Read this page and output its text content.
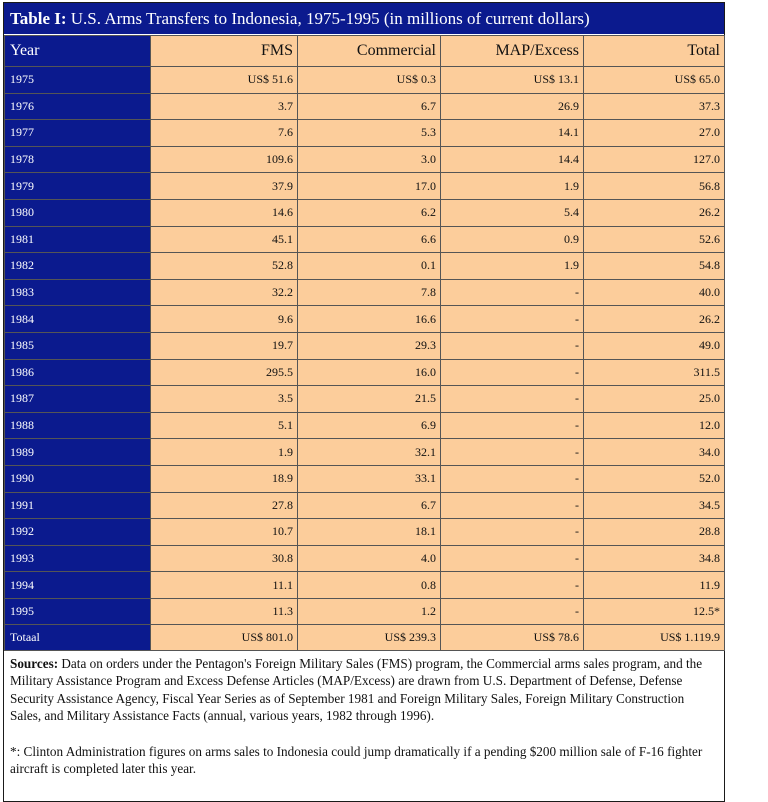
Table I: U.S. Arms Transfers to Indonesia, 1975-1995 (in millions of current dollars)
Year	FMS	Commercial	MAP/Excess	Total
1975	US$ 51.6	US$ 0.3	US$ 13.1	US$ 65.0
1976	3.7	6.7	26.9	37.3
1977	7.6	5.3	14.1	27.0
1978	109.6	3.0	14.4	127.0
1979	37.9	17.0	1.9	56.8
1980	14.6	6.2	5.4	26.2
1981	45.1	6.6	0.9	52.6
1982	52.8	0.1	1.9	54.8
1983	32.2	7.8	-	40.0
1984	9.6	16.6	-	26.2
1985	19.7	29.3	-	49.0
1986	295.5	16.0	-	311.5
1987	3.5	21.5	-	25.0
1988	5.1	6.9	-	12.0
1989	1.9	32.1	-	34.0
1990	18.9	33.1	-	52.0
1991	27.8	6.7	-	34.5
1992	10.7	18.1	-	28.8
1993	30.8	4.0	-	34.8
1994	11.1	0.8	-	11.9
1995	11.3	1.2	-	12.5*
Totaal	US$ 801.0	US$ 239.3	US$ 78.6	US$ 1.119.9

Sources: Data on orders under the Pentagon's Foreign Military Sales (FMS) program, the Commercial arms sales program, and the Military Assistance Program and Excess Defense Articles (MAP/Excess) are drawn from U.S. Department of Defense, Defense Security Assistance Agency, Fiscal Year Series as of September 1981 and Foreign Military Sales, Foreign Military Construction Sales, and Military Assistance Facts (annual, various years, 1982 through 1996).

*: Clinton Administration figures on arms sales to Indonesia could jump dramatically if a pending $200 million sale of F-16 fighter aircraft is completed later this year.
